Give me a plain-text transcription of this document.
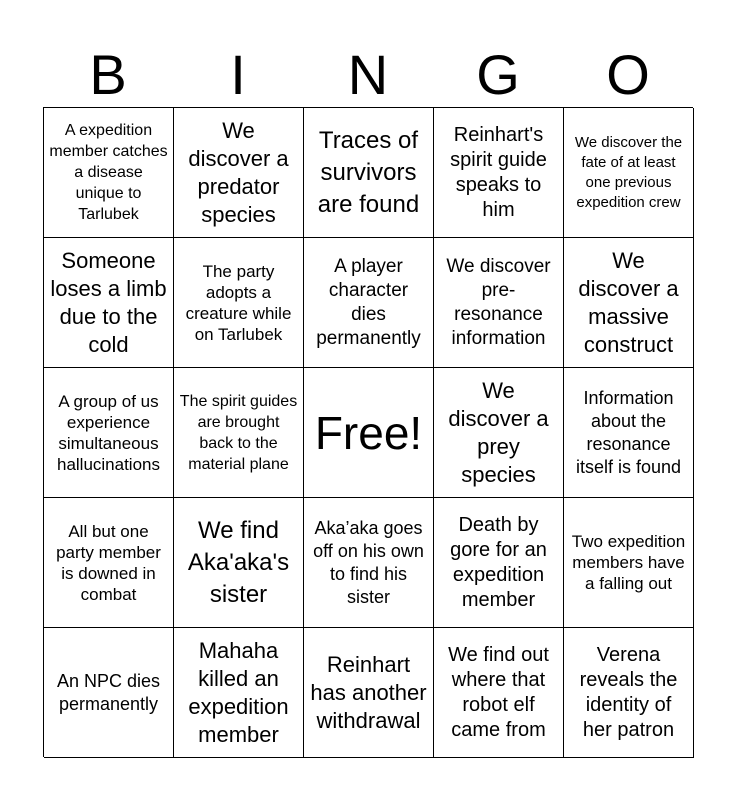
B	I	N	G	O
A expedition member catches a disease unique to Tarlubek
We discover a predator species
Traces of survivors are found
Reinhart's spirit guide speaks to him
We discover the fate of at least one previous expedition crew
Someone loses a limb due to the cold
The party adopts a creature while on Tarlubek
A player character dies permanently
We discover pre-resonance information
We discover a massive construct
A group of us experience simultaneous hallucinations
The spirit guides are brought back to the material plane
Free!
We discover a prey species
Information about the resonance itself is found
All but one party member is downed in combat
We find Aka'aka's sister
Aka’aka goes off on his own to find his sister
Death by gore for an expedition member
Two expedition members have a falling out
An NPC dies permanently
Mahaha killed an expedition member
Reinhart has another withdrawal
We find out where that robot elf came from
Verena reveals the identity of her patron
